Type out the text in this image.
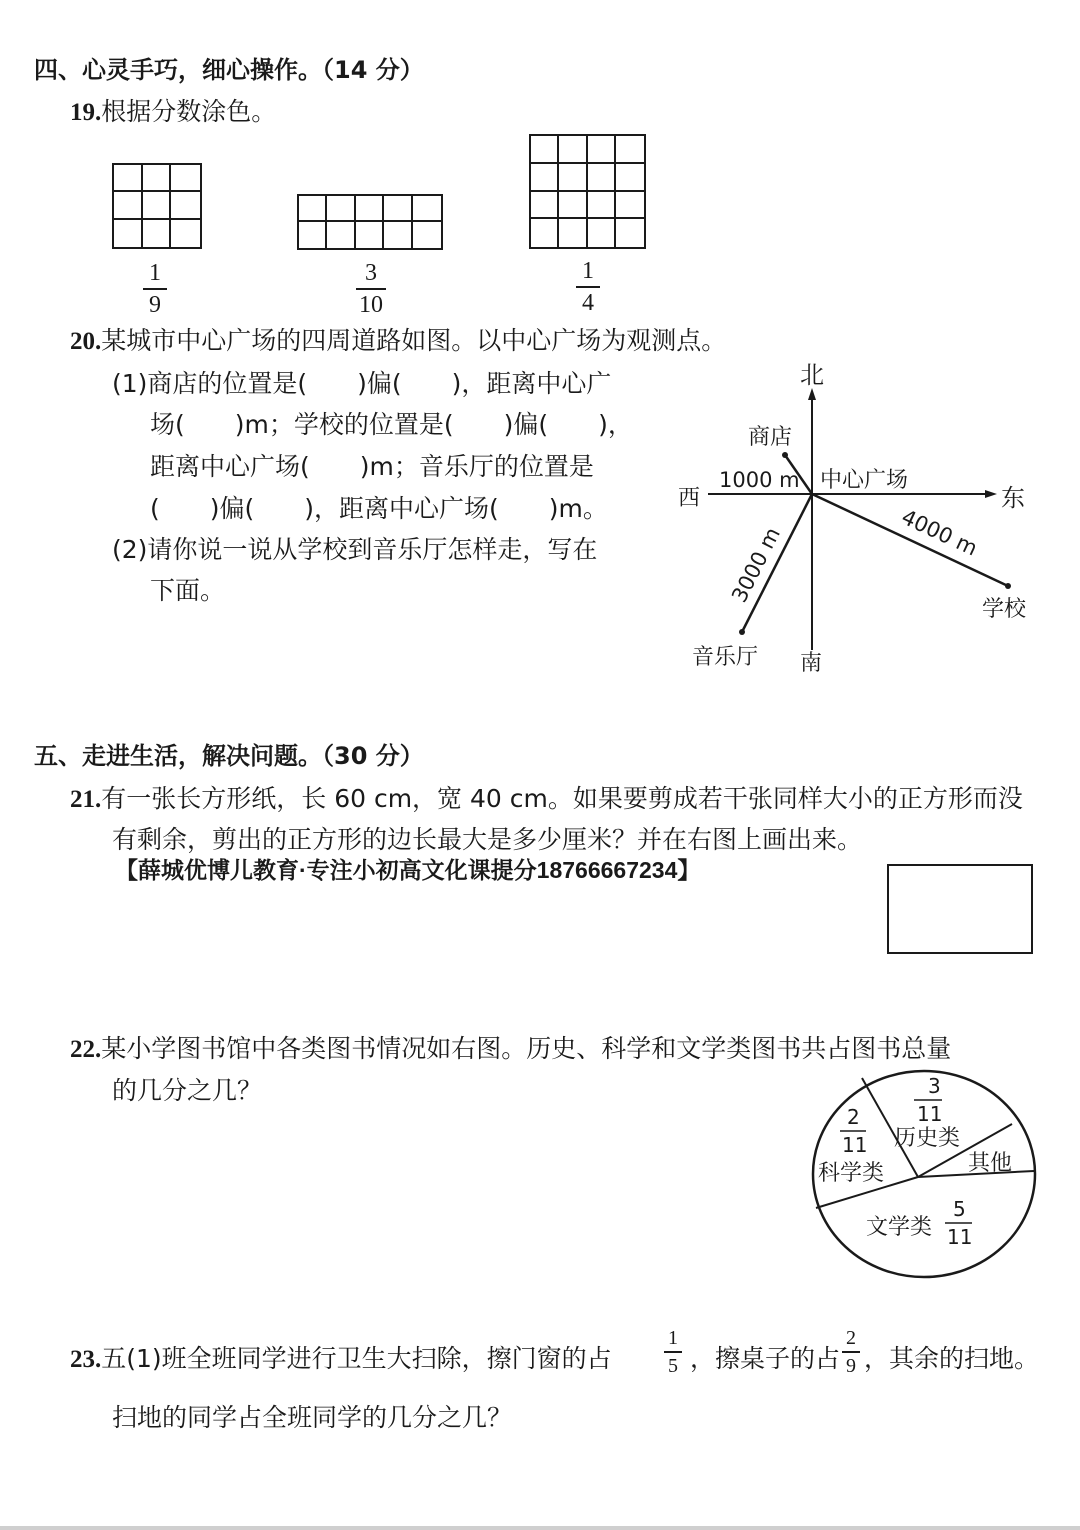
四、心灵手巧，细心操作。（14 分）
19.根据分数涂色。
1
9
3
10
1
4
20.某城市中心广场的四周道路如图。以中心广场为观测点。
(1)商店的位置是(　　)偏(　　)，距离中心广
场(　　)m；学校的位置是(　　)偏(　　)，
距离中心广场(　　)m；音乐厅的位置是
(　　)偏(　　)，距离中心广场(　　)m。
(2)请你说一说从学校到音乐厅怎样走，写在
下面。
北
南
东
西
中心广场
商店
学校
音乐厅
1000 m
4000 m
3000 m
五、走进生活，解决问题。（30 分）
21.有一张长方形纸，长 60 cm，宽 40 cm。如果要剪成若干张同样大小的正方形而没
有剩余，剪出的正方形的边长最大是多少厘米？并在右图上画出来。
【薛城优博儿教育·专注小初高文化课提分18766667234】
22.某小学图书馆中各类图书情况如右图。历史、科学和文学类图书共占图书总量
的几分之几？	3
11
历史类
2
11
科学类	其他
文学类
5
11
23.五(1)班全班同学进行卫生大扫除，擦门窗的占
1
5 ，擦桌子的占
2
9 ，其余的扫地。
扫地的同学占全班同学的几分之几？
